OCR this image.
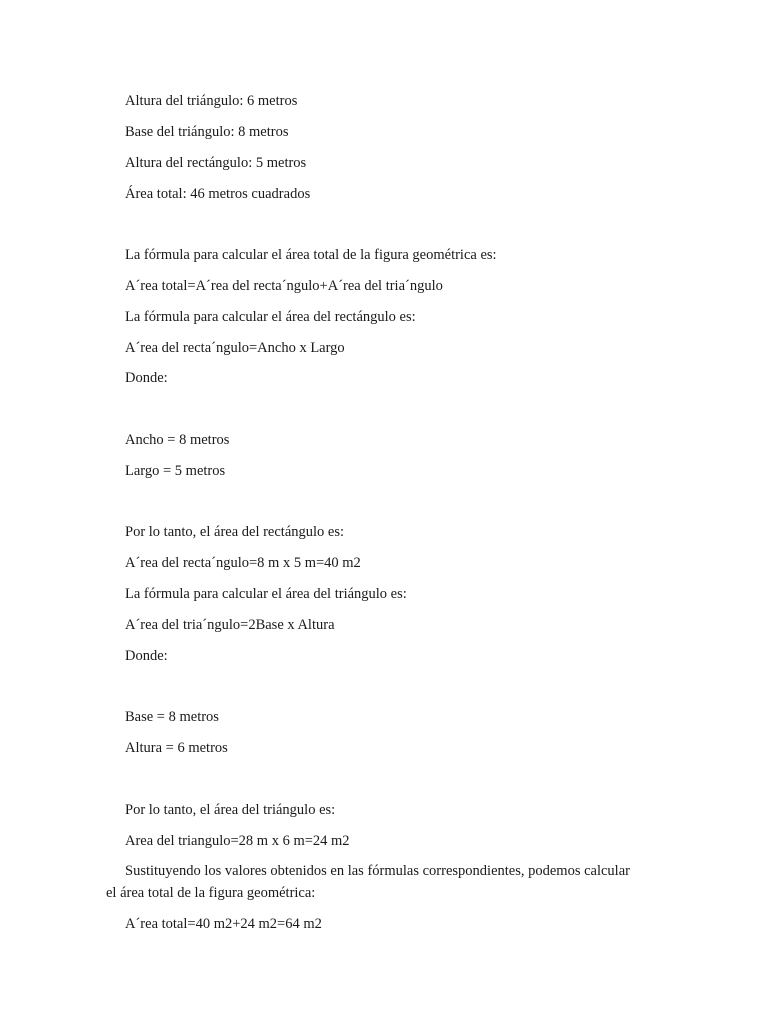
Altura del triángulo: 6 metros
Base del triángulo: 8 metros
Altura del rectángulo: 5 metros
Área total: 46 metros cuadrados
La fórmula para calcular el área total de la figura geométrica es:
A´rea total=A´rea del recta´ngulo+A´rea del tria´ngulo
La fórmula para calcular el área del rectángulo es:
A´rea del recta´ngulo=Ancho x Largo
Donde:
Ancho = 8 metros
Largo = 5 metros
Por lo tanto, el área del rectángulo es:
A´rea del recta´ngulo=8 m x 5 m=40 m2
La fórmula para calcular el área del triángulo es:
A´rea del tria´ngulo=2Base x Altura
Donde:
Base = 8 metros
Altura = 6 metros
Por lo tanto, el área del triángulo es:
Area del triangulo=28 m x 6 m=24 m2
Sustituyendo los valores obtenidos en las fórmulas correspondientes, podemos calcular
el área total de la figura geométrica:
A´rea total=40 m2+24 m2=64 m2
